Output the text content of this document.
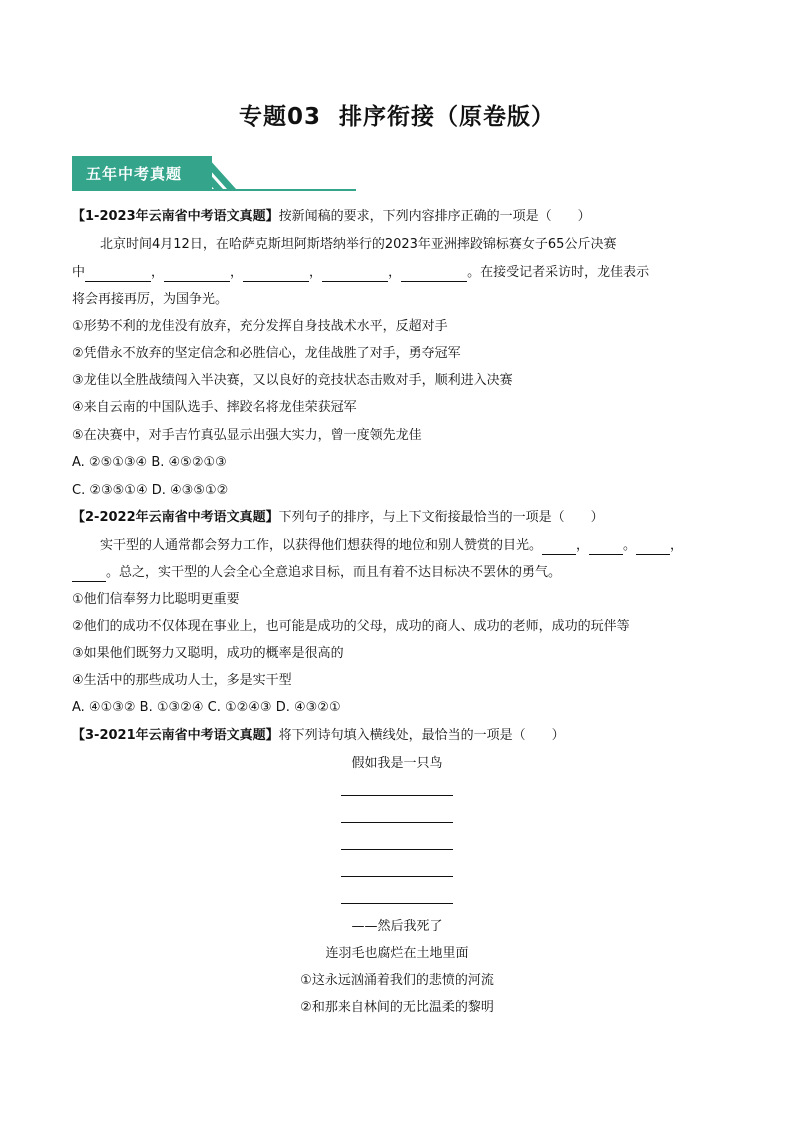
专题03 排序衔接（原卷版）
五年中考真题
【1-2023年云南省中考语文真题】按新闻稿的要求，下列内容排序正确的一项是（　　）
北京时间4月12日，在哈萨克斯坦阿斯塔纳举行的2023年亚洲摔跤锦标赛女子65公斤决赛
中	，	，	，	，	。在接受记者采访时，龙佳表示
将会再接再厉，为国争光。
①形势不利的龙佳没有放弃，充分发挥自身技战术水平，反超对手
②凭借永不放弃的坚定信念和必胜信心，龙佳战胜了对手，勇夺冠军
③龙佳以全胜战绩闯入半决赛，又以良好的竞技状态击败对手，顺利进入决赛
④来自云南的中国队选手、摔跤名将龙佳荣获冠军
⑤在决赛中，对手吉竹真弘显示出强大实力，曾一度领先龙佳
A. ②⑤①③④ B. ④⑤②①③
C. ②③⑤①④ D. ④③⑤①②
【2-2022年云南省中考语文真题】下列句子的排序，与上下文衔接最恰当的一项是（　　）
实干型的人通常都会努力工作，以获得他们想获得的地位和别人赞赏的目光。	，	。	，
。总之，实干型的人会全心全意追求目标，而且有着不达目标决不罢休的勇气。
①他们信奉努力比聪明更重要
②他们的成功不仅体现在事业上，也可能是成功的父母，成功的商人、成功的老师，成功的玩伴等
③如果他们既努力又聪明，成功的概率是很高的
④生活中的那些成功人士，多是实干型
A. ④①③② B. ①③②④ C. ①②④③ D. ④③②①
【3-2021年云南省中考语文真题】将下列诗句填入横线处，最恰当的一项是（　　）
假如我是一只鸟
——然后我死了
连羽毛也腐烂在土地里面
①这永远汹涌着我们的悲愤的河流
②和那来自林间的无比温柔的黎明
